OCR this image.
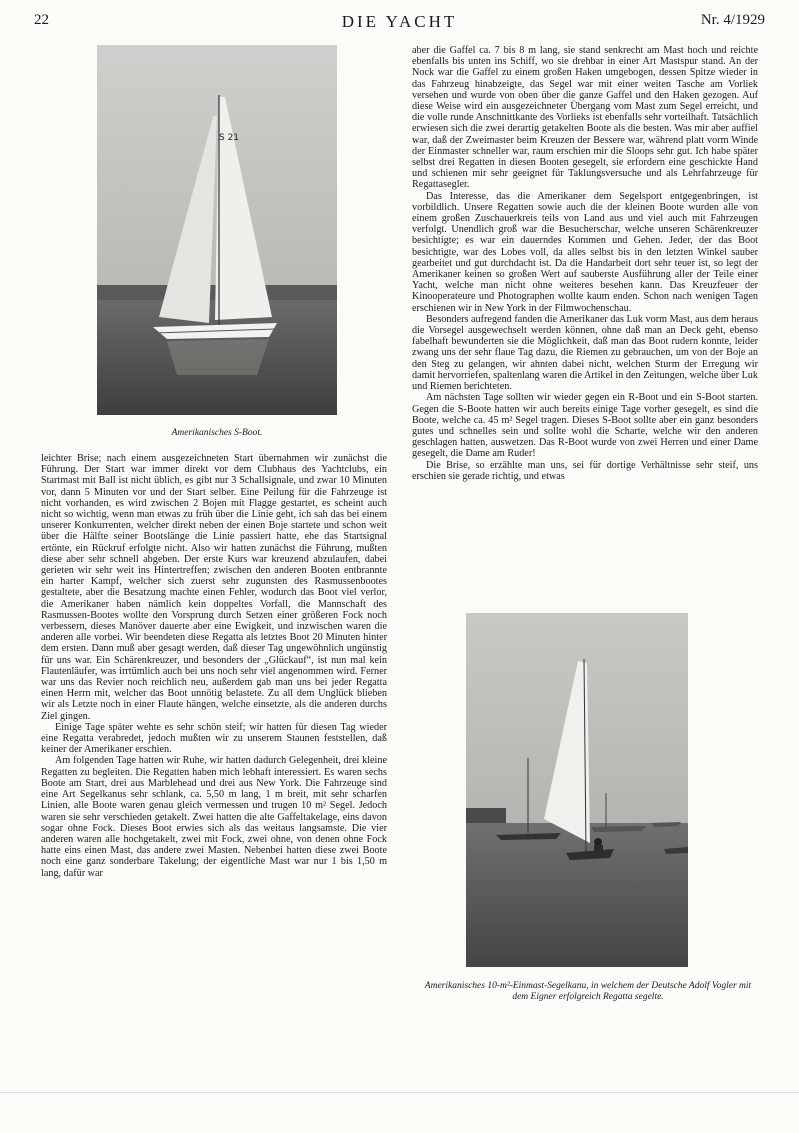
22	DIE YACHT	Nr. 4/1929
S 21
Amerikanisches S-Boot.

leichter Brise; nach einem ausgezeichneten Start übernahmen wir zunächst die Führung. Der Start war immer direkt vor dem Clubhaus des Yachtclubs, ein Startmast mit Ball ist nicht üblich, es gibt nur 3 Schallsignale, und zwar 10 Minuten vor, dann 5 Minuten vor und der Start selber. Eine Peilung für die Fahrzeuge ist nicht vorhanden, es wird zwischen 2 Bojen mit Flagge gestartet, es scheint auch nicht so wichtig, wenn man etwas zu früh über die Linie geht, ich sah das bei einem unserer Konkurrenten, welcher direkt neben der einen Boje startete und schon weit über die Hälfte seiner Bootslänge die Linie passiert hatte, ehe das Startsignal ertönte, ein Rückruf erfolgte nicht. Also wir hatten zunächst die Führung, mußten diese aber sehr schnell abgeben. Der erste Kurs war kreuzend abzulaufen, dabei gerieten wir sehr weit ins Hintertreffen; zwischen den anderen Booten entbrannte ein harter Kampf, welcher sich zuerst sehr zugunsten des Rasmussenbootes gestaltete, aber die Besatzung machte einen Fehler, wodurch das Boot viel verlor, die Amerikaner haben nämlich kein doppeltes Vorfall, die Mannschaft des Rasmussen-Bootes wollte den Vorsprung durch Setzen einer größeren Fock noch verbessern, dieses Manöver dauerte aber eine Ewigkeit, und inzwischen waren die anderen alle vorbei. Wir beendeten diese Regatta als letztes Boot 20 Minuten hinter dem ersten. Dann muß aber gesagt werden, daß dieser Tag ungewöhnlich ungünstig für uns war. Ein Schärenkreuzer, und besonders der „Glückauf“, ist nun mal kein Flautenläufer, was irrtümlich auch bei uns noch sehr viel angenommen wird. Ferner war uns das Revier noch reichlich neu, außerdem gab man uns bei jeder Regatta einen Herrn mit, welcher das Boot unnötig belastete. Zu all dem Unglück blieben wir als Letzte noch in einer Flaute hängen, welche einsetzte, als die anderen durchs Ziel gingen.

Einige Tage später wehte es sehr schön steif; wir hatten für diesen Tag wieder eine Regatta verabredet, jedoch mußten wir zu unserem Staunen feststellen, daß keiner der Amerikaner erschien.

Am folgenden Tage hatten wir Ruhe, wir hatten dadurch Gelegenheit, drei kleine Regatten zu begleiten. Die Regatten haben mich lebhaft interessiert. Es waren sechs Boote am Start, drei aus Marblehead und drei aus New York. Die Fahrzeuge sind eine Art Segelkanus sehr schlank, ca. 5,50 m lang, 1 m breit, mit sehr scharfen Linien, alle Boote waren genau gleich vermessen und trugen 10 m² Segel. Jedoch waren sie sehr verschieden getakelt. Zwei hatten die alte Gaffeltakelage, eins davon sogar ohne Fock. Dieses Boot erwies sich als das weitaus langsamste. Die vier anderen waren alle hochgetakelt, zwei mit Fock, zwei ohne, von denen ohne Fock hatte eins einen Mast, das andere zwei Masten. Nebenbei hatten diese zwei Boote noch eine ganz sonderbare Takelung; der eigentliche Mast war nur 1 bis 1,50 m lang, dafür war

aber die Gaffel ca. 7 bis 8 m lang, sie stand senkrecht am Mast hoch und reichte ebenfalls bis unten ins Schiff, wo sie drehbar in einer Art Mastspur stand. An der Nock war die Gaffel zu einem großen Haken umgebogen, dessen Spitze wieder in das Fahrzeug hinabzeigte, das Segel war mit einer weiten Tasche am Vorliek versehen und wurde von oben über die ganze Gaffel und den Haken gezogen. Auf diese Weise wird ein ausgezeichneter Übergang vom Mast zum Segel erreicht, und die volle runde Anschnittkante des Vorlieks ist ebenfalls sehr vorteilhaft. Tatsächlich erwiesen sich die zwei derartig getakelten Boote als die besten. Was mir aber auffiel war, daß der Zweimaster beim Kreuzen der Bessere war, während platt vorm Winde der Einmaster schneller war, raum erschien mir die Sloops sehr gut. Ich habe später selbst drei Regatten in diesen Booten gesegelt, sie erfordern eine geschickte Hand und schienen mir sehr geeignet für Taklungsversuche und als Lehrfahrzeuge für Regattasegler.

Das Interesse, das die Amerikaner dem Segelsport entgegenbringen, ist vorbildlich. Unsere Regatten sowie auch die der kleinen Boote wurden alle von einem großen Zuschauerkreis teils von Land aus und viel auch mit Fahrzeugen verfolgt. Unendlich groß war die Besucherschar, welche unseren Schärenkreuzer besichtigte; es war ein dauerndes Kommen und Gehen. Jeder, der das Boot besichtigte, war des Lobes voll, da alles selbst bis in den letzten Winkel sauber gearbeitet und gut durchdacht ist. Da die Handarbeit dort sehr teuer ist, so legt der Amerikaner keinen so großen Wert auf sauberste Ausführung aller der Teile einer Yacht, welche man nicht ohne weiteres besehen kann. Das Kreuzfeuer der Kinooperateure und Photographen wollte kaum enden. Schon nach wenigen Tagen erschienen wir in New York in der Filmwochenschau.

Besonders aufregend fanden die Amerikaner das Luk vorm Mast, aus dem heraus die Vorsegel ausgewechselt werden können, ohne daß man an Deck geht, ebenso fabelhaft bewunderten sie die Möglichkeit, daß man das Boot rudern konnte, leider zwang uns der sehr flaue Tag dazu, die Riemen zu gebrauchen, um von der Boje an den Steg zu gelangen, wir ahnten dabei nicht, welchen Sturm der Erregung wir damit hervorriefen, spaltenlang waren die Artikel in den Zeitungen, welche über Luk und Riemen berichteten.

Am nächsten Tage sollten wir wieder gegen ein R-Boot und ein S-Boot starten. Gegen die S-Boote hatten wir auch bereits einige Tage vorher gesegelt, es sind die Boote, welche ca. 45 m² Segel tragen. Dieses S-Boot sollte aber ein ganz besonders gutes und schnelles sein und sollte wohl die Scharte, welche wir den anderen geschlagen hatten, auswetzen. Das R-Boot wurde von zwei Herren und einer Dame gesegelt, die Dame am Ruder!

Die Brise, so erzählte man uns, sei für dortige Verhältnisse sehr steif, uns erschien sie gerade richtig, und etwas

Amerikanisches 10-m²-Einmast-Segelkanu, in welchem der Deutsche Adolf Vogler mit dem Eigner erfolgreich Regatta segelte.
